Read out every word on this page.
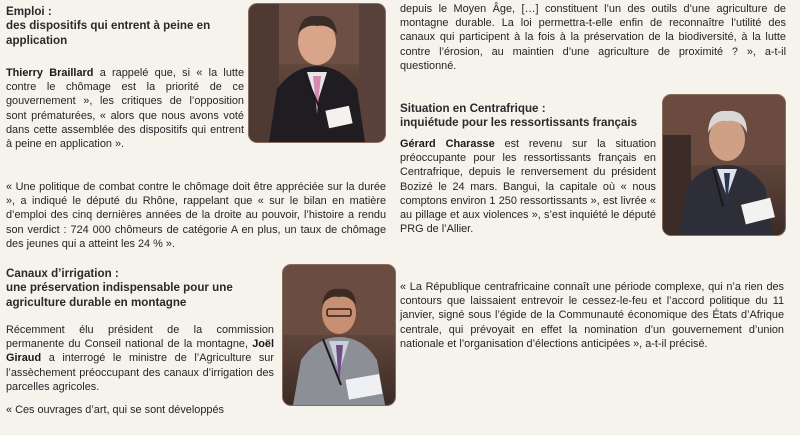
Emploi :
des dispositifs qui entrent à peine en
application
Thierry Braillard a rappelé que, si « la lutte contre le chômage est la priorité de ce gouvernement », les critiques de l’opposition sont prématurées, « alors que nous avons voté dans cette assemblée des dispositifs qui entrent à peine en application ».
« Une politique de combat contre le chômage doit être appréciée sur la durée », a indiqué le député du Rhône, rappelant que « sur le bilan en matière d’emploi des cinq dernières années de la droite au pouvoir, l’histoire a rendu son verdict : 724 000 chômeurs de catégorie A en plus, un taux de chômage des jeunes qui a atteint les 24 % ».
Canaux d’irrigation :
une préservation indispensable pour une
agriculture durable en montagne
Récemment élu président de la commission permanente du Conseil national de la montagne, Joël Giraud a interrogé le ministre de l’Agriculture sur l’assèchement préoccupant des canaux d’irrigation des parcelles agricoles.
« Ces ouvrages d’art, qui se sont développés
depuis le Moyen Âge, […] constituent l’un des outils d’une agriculture de montagne durable. La loi permettra-t-elle enfin de reconnaître l’utilité des canaux qui participent à la fois à la préservation de la biodiversité, à la lutte contre l’érosion, au maintien d’une agriculture de proximité ? », a-t-il questionné.
Situation en Centrafrique :
inquiétude pour les ressortissants français
Gérard Charasse est revenu sur la situation préoccupante pour les ressortissants français en Centrafrique, depuis le renversement du président Bozizé le 24 mars. Bangui, la capitale où « nous comptons environ 1 250 ressortissants », est livrée « au pillage et aux violences », s’est inquiété le député PRG de l’Allier.
« La République centrafricaine connaît une période complexe, qui n’a rien des contours que laissaient entrevoir le cessez-le-feu et l’accord politique du 11 janvier, signé sous l’égide de la Communauté économique des États d’Afrique centrale, qui prévoyait en effet la nomination d’un gouvernement d’union nationale et l’organisation d’élections anticipées », a-t-il précisé.
